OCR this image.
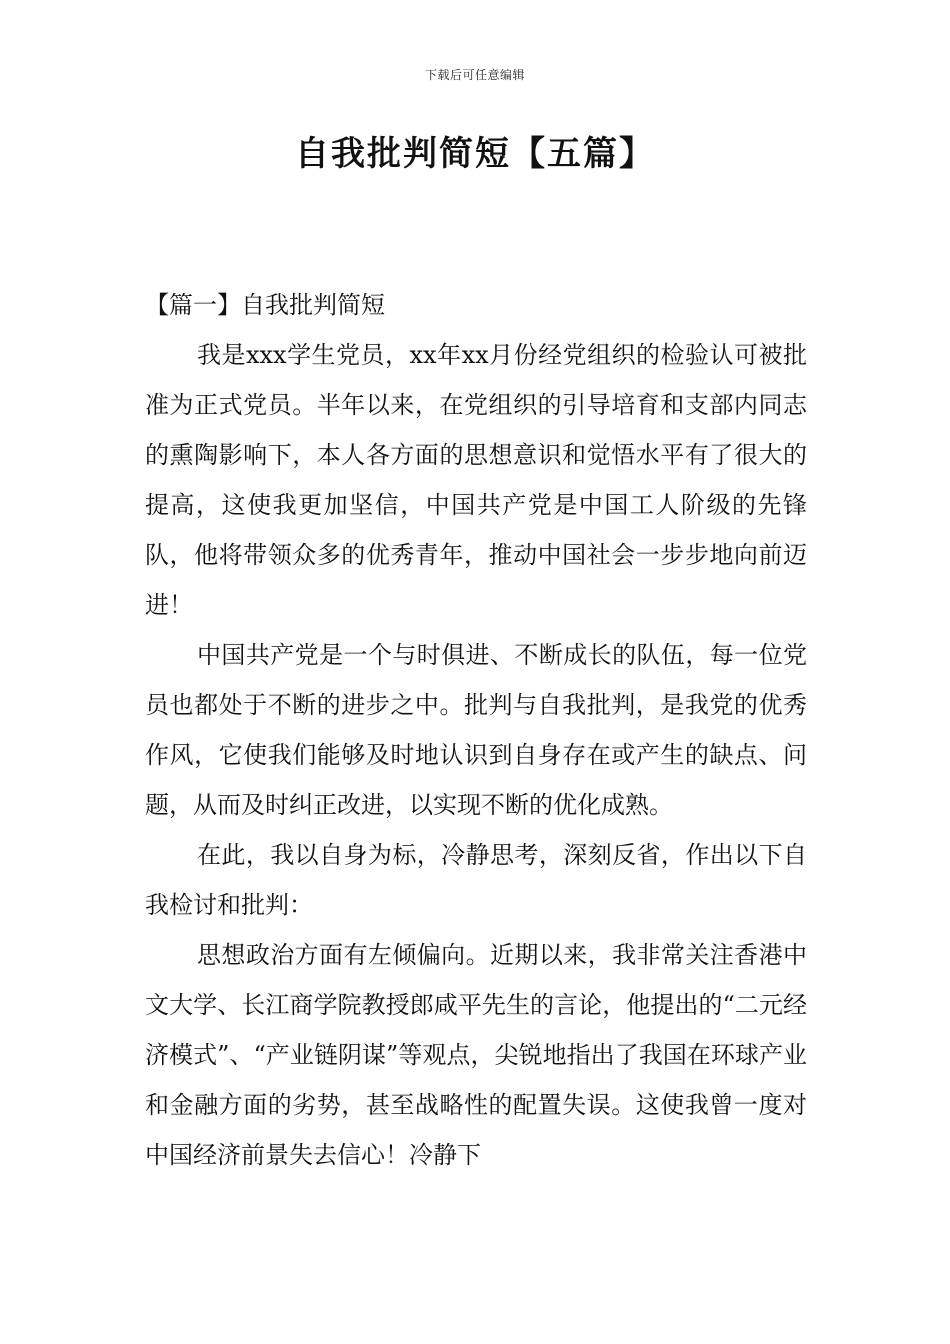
下载后可任意编辑
自我批判简短【五篇】

【篇一】自我批判简短

我是xxx学生党员，xx年xx月份经党组织的检验认可被批准为正式党员。半年以来，在党组织的引导培育和支部内同志的熏陶影响下，本人各方面的思想意识和觉悟水平有了很大的提高，这使我更加坚信，中国共产党是中国工人阶级的先锋队，他将带领众多的优秀青年，推动中国社会一步步地向前迈进！

中国共产党是一个与时俱进、不断成长的队伍，每一位党员也都处于不断的进步之中。批判与自我批判，是我党的优秀作风，它使我们能够及时地认识到自身存在或产生的缺点、问题，从而及时纠正改进，以实现不断的优化成熟。

在此，我以自身为标，冷静思考，深刻反省，作出以下自我检讨和批判：

思想政治方面有左倾偏向。近期以来，我非常关注香港中文大学、长江商学院教授郎咸平先生的言论，他提出的“二元经济模式”、“产业链阴谋”等观点，尖锐地指出了我国在环球产业和金融方面的劣势，甚至战略性的配置失误。这使我曾一度对中国经济前景失去信心！冷静下
